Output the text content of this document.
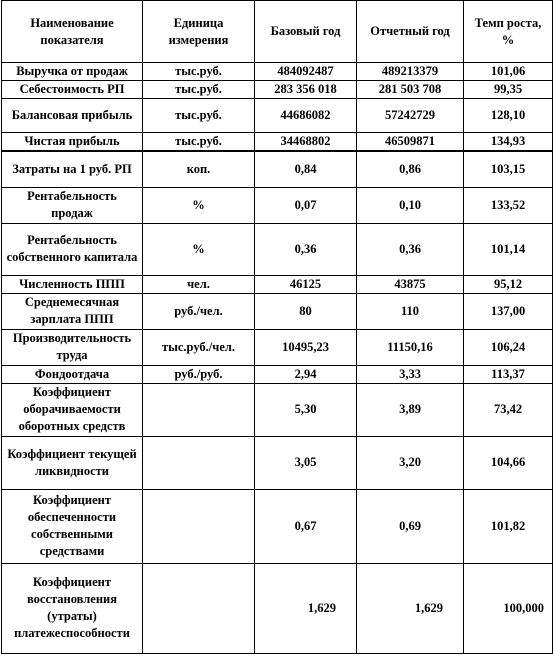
Наименование показателя	Единица измерения	Базовый год	Отчетный год	Темп роста, %
Выручка от продаж	тыс.руб.	484092487	489213379	101,06
Себестоимость РП	тыс.руб.	283 356 018	281 503 708	99,35
Балансовая прибыль	тыс.руб.	44686082	57242729	128,10
Чистая прибыль	тыс.руб.	34468802	46509871	134,93
Затраты на 1 руб. РП	коп.	0,84	0,86	103,15
Рентабельность продаж	%	0,07	0,10	133,52
Рентабельность собственного капитала	%	0,36	0,36	101,14
Численность ППП	чел.	46125	43875	95,12
Среднемесячная зарплата ППП	руб./чел.	80	110	137,00
Производительность труда	тыс.руб./чел.	10495,23	11150,16	106,24
Фондоотдача	руб./руб.	2,94	3,33	113,37
Коэффициент оборачиваемости оборотных средств		5,30	3,89	73,42
Коэффициент текущей ликвидности		3,05	3,20	104,66
Коэффициент обеспеченности собственными средствами		0,67	0,69	101,82
Коэффициент восстановления (утраты) платежеспособности		1,629	1,629	100,000
